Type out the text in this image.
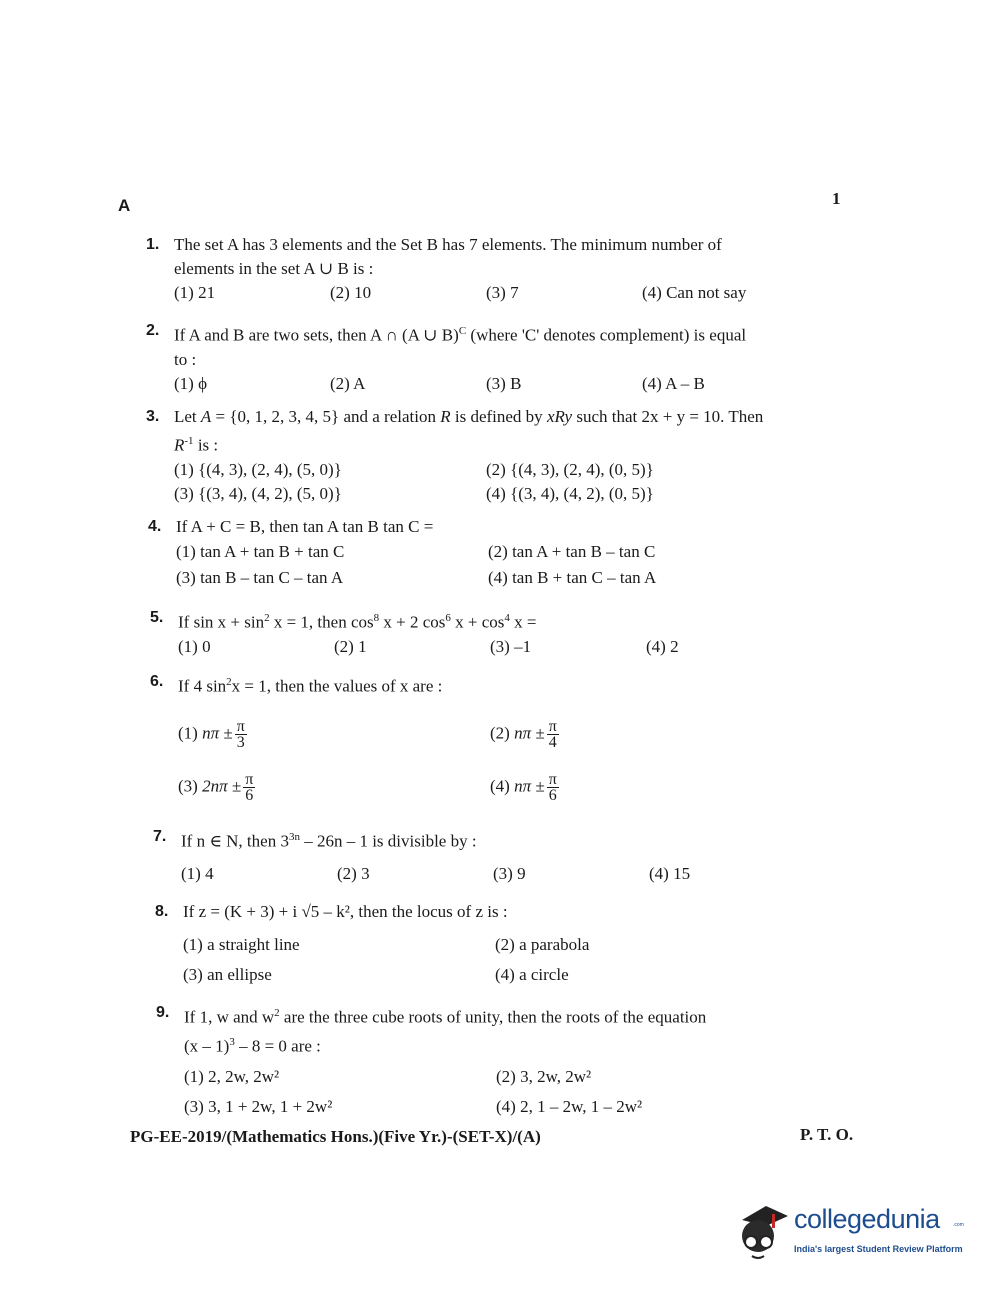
A	1
1. The set A has 3 elements and the Set B has 7 elements. The minimum number of
elements in the set A ∪ B is :
(1) 21	(2) 10	(3) 7	(4) Can not say
2. If A and B are two sets, then A ∩ (A ∪ B)$^C$ (where 'C' denotes complement) is equal
to :
(1) ϕ	(2) A	(3) B	(4) A – B
3. Let A = {0, 1, 2, 3, 4, 5} and a relation R is defined by xRy such that 2x + y = 10. Then
$R^{-1}$ is :
(1) {(4, 3), (2, 4), (5, 0)}	(2) {(4, 3), (2, 4), (0, 5)}
(3) {(3, 4), (4, 2), (5, 0)}	(4) {(3, 4), (4, 2), (0, 5)}
4. If A + C = B, then tan A tan B tan C =
(1) tan A + tan B + tan C	(2) tan A + tan B – tan C
(3) tan B – tan C – tan A	(4) tan B + tan C – tan A
5. If $\sin x + \sin^2 x = 1$, then $\cos^8 x + 2$ $\cos^6 x + \cos^4 x$ =
(1) 0	(2) 1	(3) –1	(4) 2
6. If 4 $\sin^2x = 1$, then the values of x are :
(1) $n\pi \pm \frac{\pi}{3}$	(2) $n\pi \pm \frac{\pi}{4}$
(3) $2n\pi \pm \frac{\pi}{6}$	(4) $n\pi \pm \frac{\pi}{6}$
7. If n ∈ N, then $3^{3n} - 26n - 1$ is divisible by :
(1) 4	(2) 3	(3) 9	(4) 15
8. If z = (K + 3) + i √5 – k², then the locus of z is :
(1) a straight line	(2) a parabola
(3) an ellipse	(4) a circle
9. If 1, w and $w^2$ are the three cube roots of unity, then the roots of the equation
(x – 1)$^3$ – 8 = 0 are :
(1) 2, 2w, 2w²	(2) 3, 2w, 2w²
(3) 3, 1 + 2w, 1 + 2w²	(4) 2, 1 – 2w, 1 – 2w²
PG-EE-2019/(Mathematics Hons.)(Five Yr.)-(SET-X)/(A)	P. T. O.
collegedunia	.com
India's largest Student Review Platform
